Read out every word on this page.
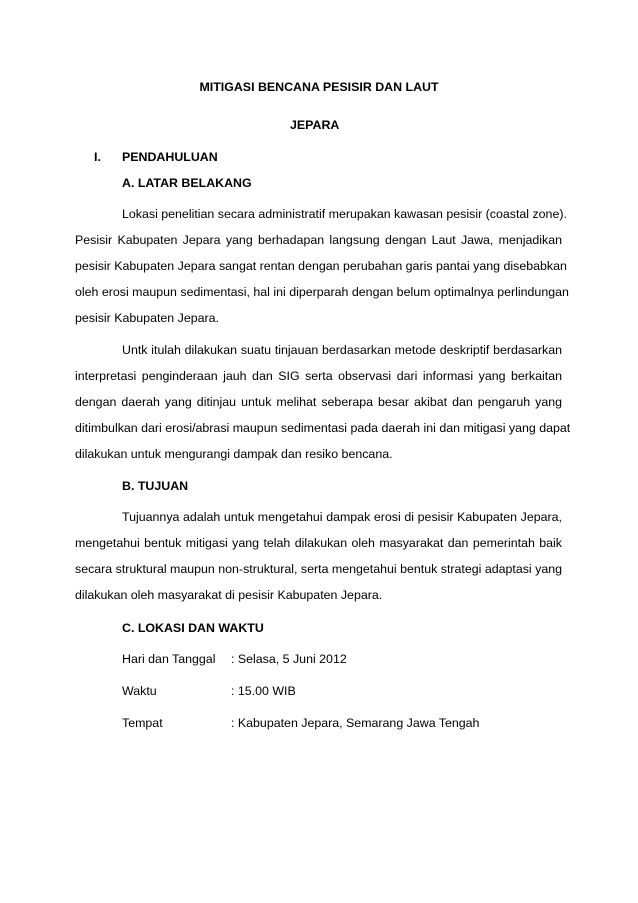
MITIGASI BENCANA PESISIR DAN LAUT
JEPARA
I. PENDAHULUAN
A. LATAR BELAKANG
Lokasi penelitian secara administratif merupakan kawasan pesisir (coastal zone).
Pesisir Kabupaten Jepara yang berhadapan langsung dengan Laut Jawa, menjadikan
pesisir Kabupaten Jepara sangat rentan dengan perubahan garis pantai yang disebabkan
oleh erosi maupun sedimentasi, hal ini diperparah dengan belum optimalnya perlindungan
pesisir Kabupaten Jepara.
Untk itulah dilakukan suatu tinjauan berdasarkan metode deskriptif berdasarkan
interpretasi penginderaan jauh dan SIG serta observasi dari informasi yang berkaitan
dengan daerah yang ditinjau untuk melihat seberapa besar akibat dan pengaruh yang
ditimbulkan dari erosi/abrasi maupun sedimentasi pada daerah ini dan mitigasi yang dapat
dilakukan untuk mengurangi dampak dan resiko bencana.
B. TUJUAN
Tujuannya adalah untuk mengetahui dampak erosi di pesisir Kabupaten Jepara,
mengetahui bentuk mitigasi yang telah dilakukan oleh masyarakat dan pemerintah baik
secara struktural maupun non-struktural, serta mengetahui bentuk strategi adaptasi yang
dilakukan oleh masyarakat di pesisir Kabupaten Jepara.
C. LOKASI DAN WAKTU
Hari dan Tanggal : Selasa, 5 Juni 2012
Waktu	: 15.00 WIB
Tempat	: Kabupaten Jepara, Semarang Jawa Tengah
